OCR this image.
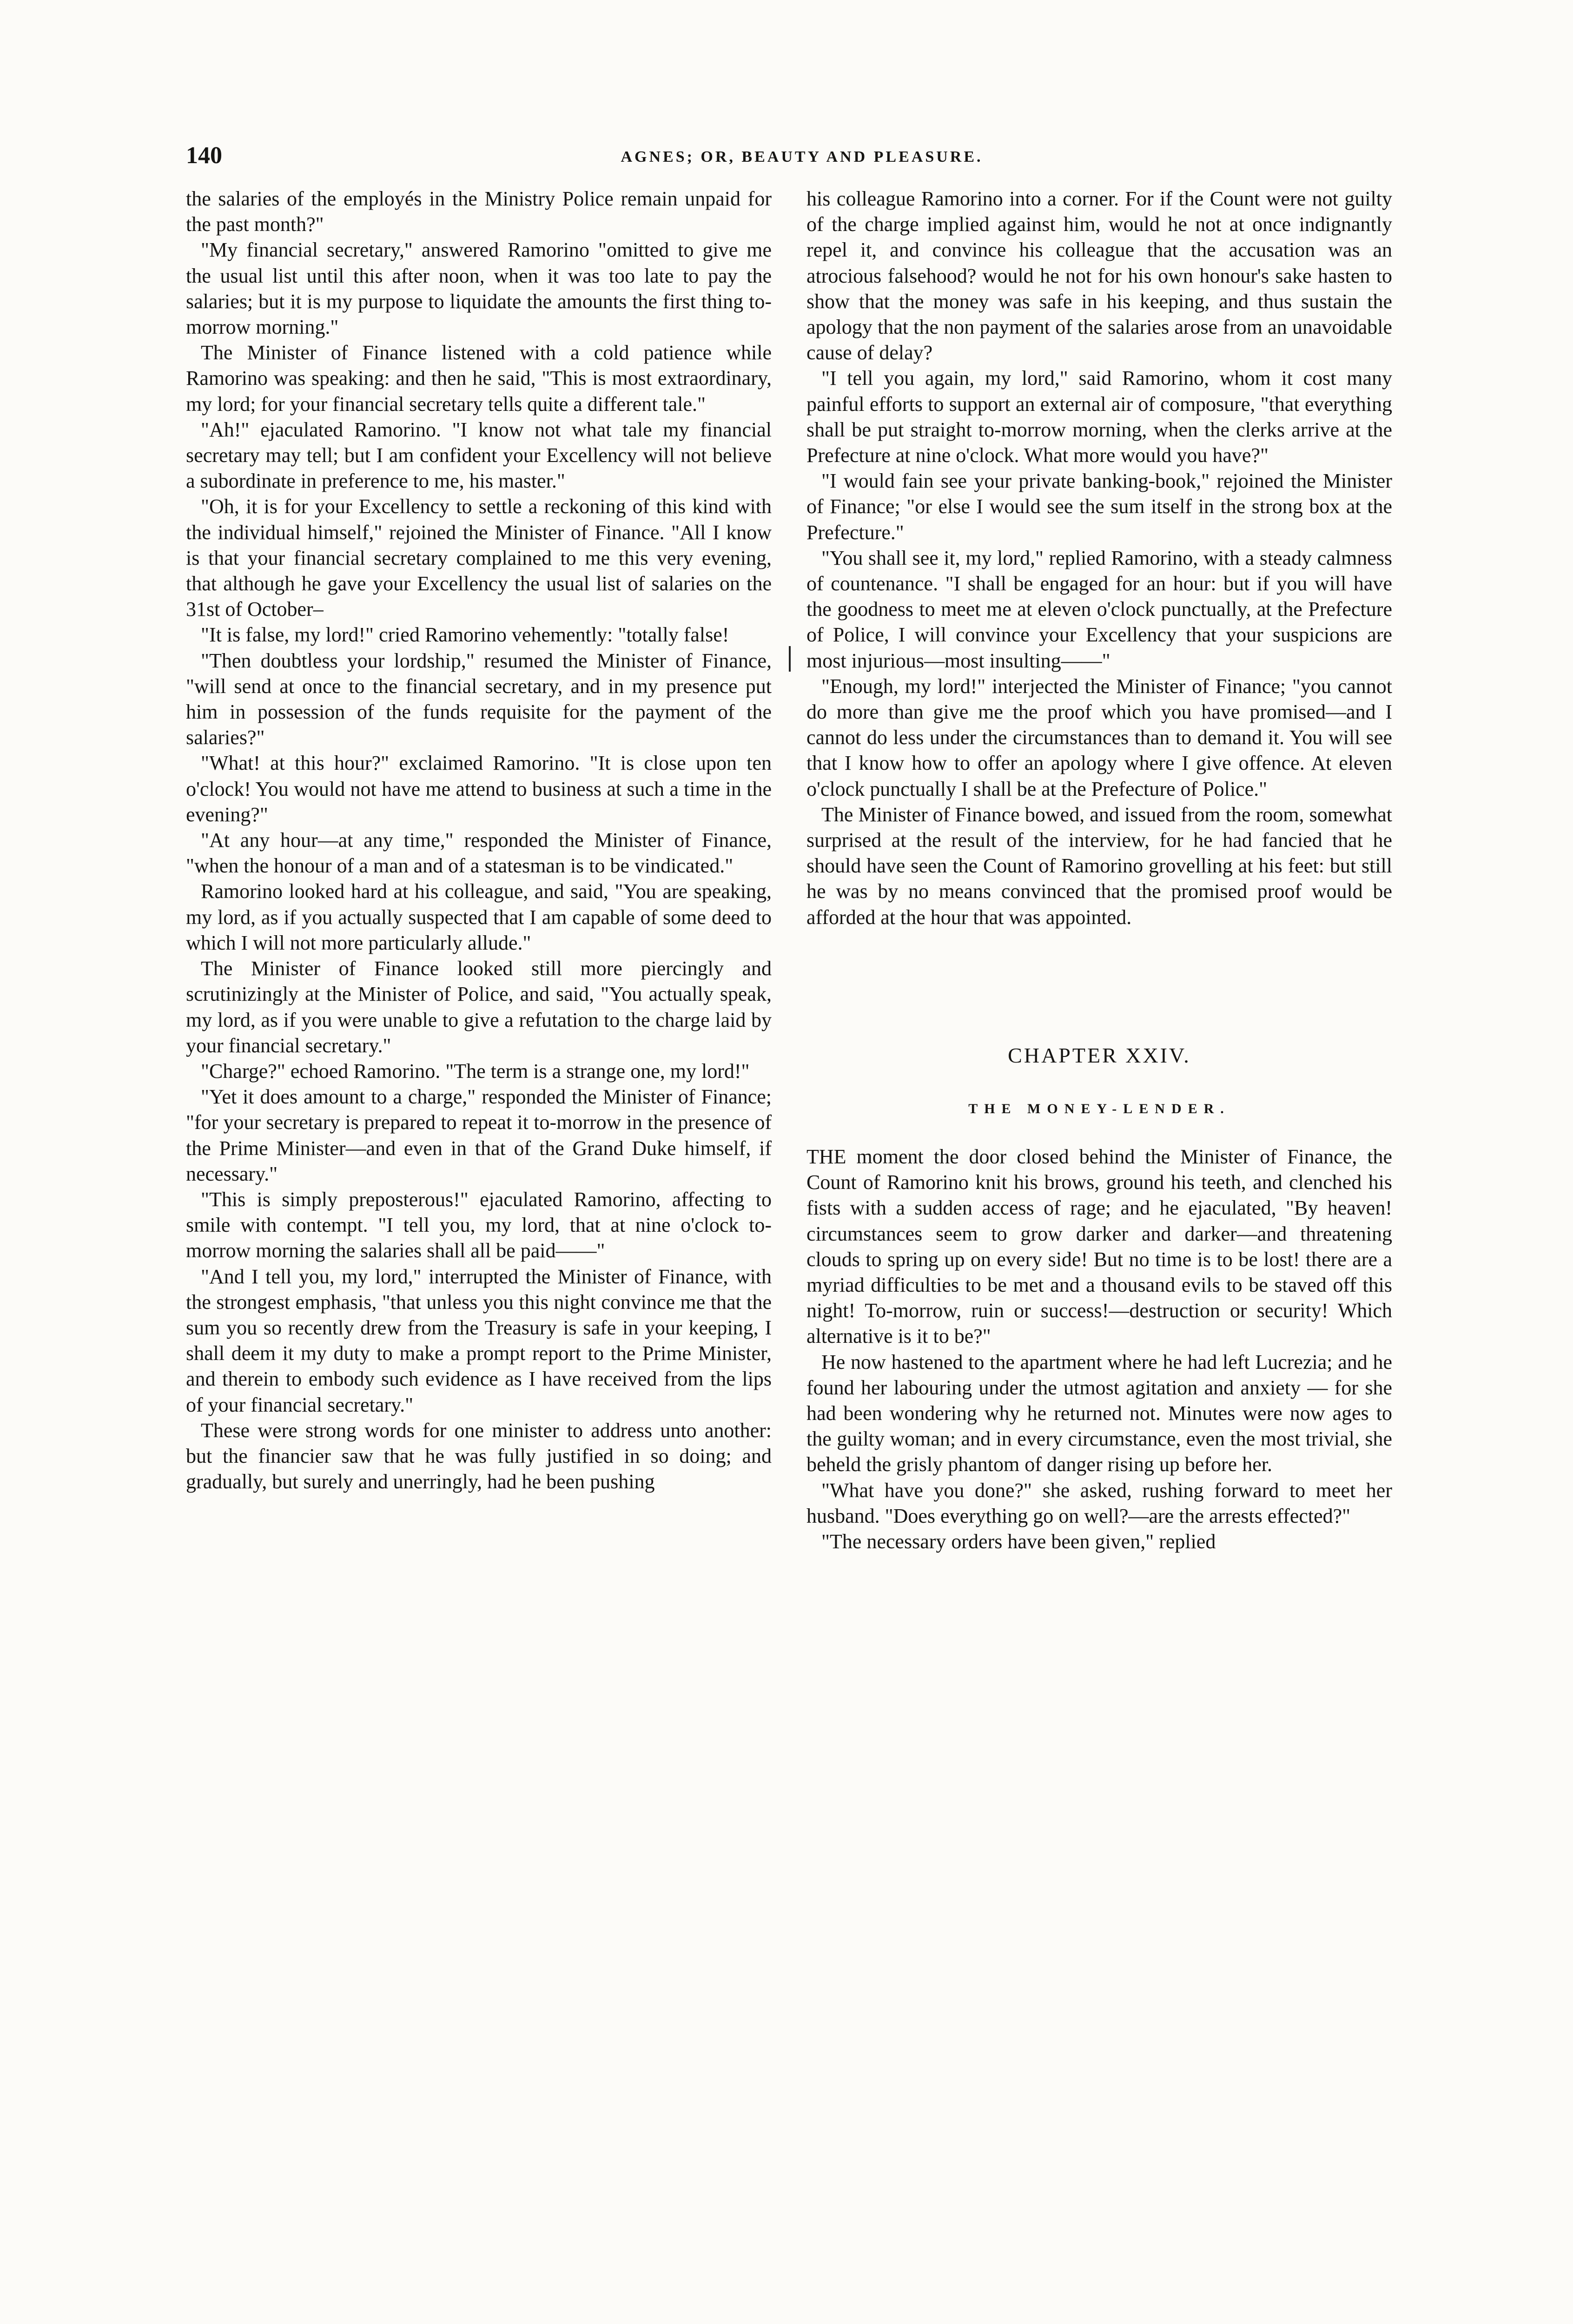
140	AGNES; OR, BEAUTY AND PLEASURE.

the salaries of the employés in the Ministry Police remain unpaid for the past month?"

"My financial secretary," answered Ramorino "omitted to give me the usual list until this after noon, when it was too late to pay the salaries; but it is my purpose to liquidate the amounts the first thing to-morrow morning."

The Minister of Finance listened with a cold patience while Ramorino was speaking: and then he said, "This is most extraordinary, my lord; for your financial secretary tells quite a different tale."

"Ah!" ejaculated Ramorino. "I know not what tale my financial secretary may tell; but I am confident your Excellency will not believe a subordinate in preference to me, his master."

"Oh, it is for your Excellency to settle a reckoning of this kind with the individual himself," rejoined the Minister of Finance. "All I know is that your financial secretary complained to me this very evening, that although he gave your Excellency the usual list of salaries on the 31st of October–

"It is false, my lord!" cried Ramorino vehemently: "totally false!

"Then doubtless your lordship," resumed the Minister of Finance, "will send at once to the financial secretary, and in my presence put him in possession of the funds requisite for the payment of the salaries?"

"What! at this hour?" exclaimed Ramorino. "It is close upon ten o'clock! You would not have me attend to business at such a time in the evening?"

"At any hour—at any time," responded the Minister of Finance, "when the honour of a man and of a statesman is to be vindicated."

Ramorino looked hard at his colleague, and said, "You are speaking, my lord, as if you actually suspected that I am capable of some deed to which I will not more particularly allude."

The Minister of Finance looked still more piercingly and scrutinizingly at the Minister of Police, and said, "You actually speak, my lord, as if you were unable to give a refutation to the charge laid by your financial secretary."

"Charge?" echoed Ramorino. "The term is a strange one, my lord!"

"Yet it does amount to a charge," responded the Minister of Finance; "for your secretary is prepared to repeat it to-morrow in the presence of the Prime Minister—and even in that of the Grand Duke himself, if necessary."

"This is simply preposterous!" ejaculated Ramorino, affecting to smile with contempt. "I tell you, my lord, that at nine o'clock to-morrow morning the salaries shall all be paid——"

"And I tell you, my lord," interrupted the Minister of Finance, with the strongest emphasis, "that unless you this night convince me that the sum you so recently drew from the Treasury is safe in your keeping, I shall deem it my duty to make a prompt report to the Prime Minister, and therein to embody such evidence as I have received from the lips of your financial secretary."

These were strong words for one minister to address unto another: but the financier saw that he was fully justified in so doing; and gradually, but surely and unerringly, had he been pushing

his colleague Ramorino into a corner. For if the Count were not guilty of the charge implied against him, would he not at once indignantly repel it, and convince his colleague that the accusation was an atrocious falsehood? would he not for his own honour's sake hasten to show that the money was safe in his keeping, and thus sustain the apology that the non payment of the salaries arose from an unavoidable cause of delay?

"I tell you again, my lord," said Ramorino, whom it cost many painful efforts to support an external air of composure, "that everything shall be put straight to-morrow morning, when the clerks arrive at the Prefecture at nine o'clock. What more would you have?"

"I would fain see your private banking-book," rejoined the Minister of Finance; "or else I would see the sum itself in the strong box at the Prefecture."

"You shall see it, my lord," replied Ramorino, with a steady calmness of countenance. "I shall be engaged for an hour: but if you will have the goodness to meet me at eleven o'clock punctually, at the Prefecture of Police, I will convince your Excellency that your suspicions are most injurious—most insulting——"

"Enough, my lord!" interjected the Minister of Finance; "you cannot do more than give me the proof which you have promised—and I cannot do less under the circumstances than to demand it. You will see that I know how to offer an apology where I give offence. At eleven o'clock punctually I shall be at the Prefecture of Police."

The Minister of Finance bowed, and issued from the room, somewhat surprised at the result of the interview, for he had fancied that he should have seen the Count of Ramorino grovelling at his feet: but still he was by no means convinced that the promised proof would be afforded at the hour that was appointed.

CHAPTER XXIV.
THE MONEY-LENDER.

THE moment the door closed behind the Minister of Finance, the Count of Ramorino knit his brows, ground his teeth, and clenched his fists with a sudden access of rage; and he ejaculated, "By heaven! circumstances seem to grow darker and darker—and threatening clouds to spring up on every side! But no time is to be lost! there are a myriad difficulties to be met and a thousand evils to be staved off this night! To-morrow, ruin or success!—destruction or security! Which alternative is it to be?"

He now hastened to the apartment where he had left Lucrezia; and he found her labouring under the utmost agitation and anxiety — for she had been wondering why he returned not. Minutes were now ages to the guilty woman; and in every circumstance, even the most trivial, she beheld the grisly phantom of danger rising up before her.

"What have you done?" she asked, rushing forward to meet her husband. "Does everything go on well?—are the arrests effected?"

"The necessary orders have been given," replied
